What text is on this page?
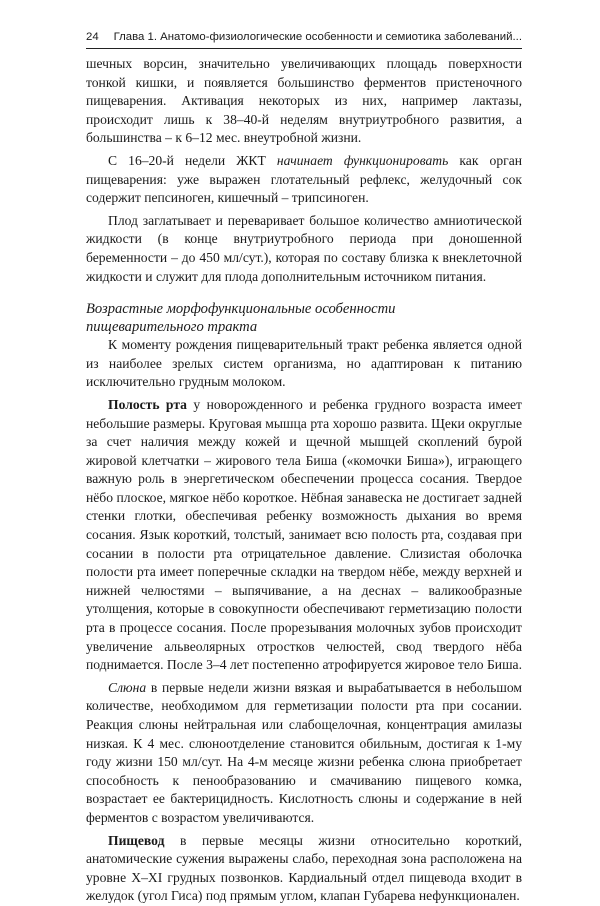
24 Глава 1. Анатомо-физиологические особенности и семиотика заболеваний...

шечных ворсин, значительно увеличивающих площадь поверхности тонкой кишки, и появляется большинство ферментов пристеночного пищеварения. Активация некоторых из них, например лактазы, происходит лишь к 38–40-й неделям внутриутробного развития, а большинства – к 6–12 мес. внеутробной жизни.

С 16–20-й недели ЖКТ начинает функционировать как орган пищеварения: уже выражен глотательный рефлекс, желудочный сок содержит пепсиноген, кишечный – трипсиноген.

Плод заглатывает и переваривает большое количество амниотической жидкости (в конце внутриутробного периода при доношенной беременности – до 450 мл/сут.), которая по составу близка к внеклеточной жидкости и служит для плода дополнительным источником питания.

Возрастные морфофункциональные особенности
пищеварительного тракта

К моменту рождения пищеварительный тракт ребенка является одной из наиболее зрелых систем организма, но адаптирован к питанию исключительно грудным молоком.

Полость рта у новорожденного и ребенка грудного возраста имеет небольшие размеры. Круговая мышца рта хорошо развита. Щеки округлые за счет наличия между кожей и щечной мышцей скоплений бурой жировой клетчатки – жирового тела Биша («комочки Биша»), играющего важную роль в энергетическом обеспечении процесса сосания. Твердое нёбо плоское, мягкое нёбо короткое. Нёбная занавеска не достигает задней стенки глотки, обеспечивая ребенку возможность дыхания во время сосания. Язык короткий, толстый, занимает всю полость рта, создавая при сосании в полости рта отрицательное давление. Слизистая оболочка полости рта имеет поперечные складки на твердом нёбе, между верхней и нижней челюстями – выпячивание, а на деснах – валикообразные утолщения, которые в совокупности обеспечивают герметизацию полости рта в процессе сосания. После прорезывания молочных зубов происходит увеличение альвеолярных отростков челюстей, свод твердого нёба поднимается. После 3–4 лет постепенно атрофируется жировое тело Биша.

Слюна в первые недели жизни вязкая и вырабатывается в небольшом количестве, необходимом для герметизации полости рта при сосании. Реакция слюны нейтральная или слабощелочная, концентрация амилазы низкая. К 4 мес. слюноотделение становится обильным, достигая к 1-му году жизни 150 мл/сут. На 4-м месяце жизни ребенка слюна приобретает способность к пенообразованию и смачиванию пищевого комка, возрастает ее бактерицидность. Кислотность слюны и содержание в ней ферментов с возрастом увеличиваются.

Пищевод в первые месяцы жизни относительно короткий, анатомические сужения выражены слабо, переходная зона расположена на уровне X–XI грудных позвонков. Кардиальный отдел пищевода входит в желудок (угол Гиса) под прямым углом, клапан Губарева нефункционален.
